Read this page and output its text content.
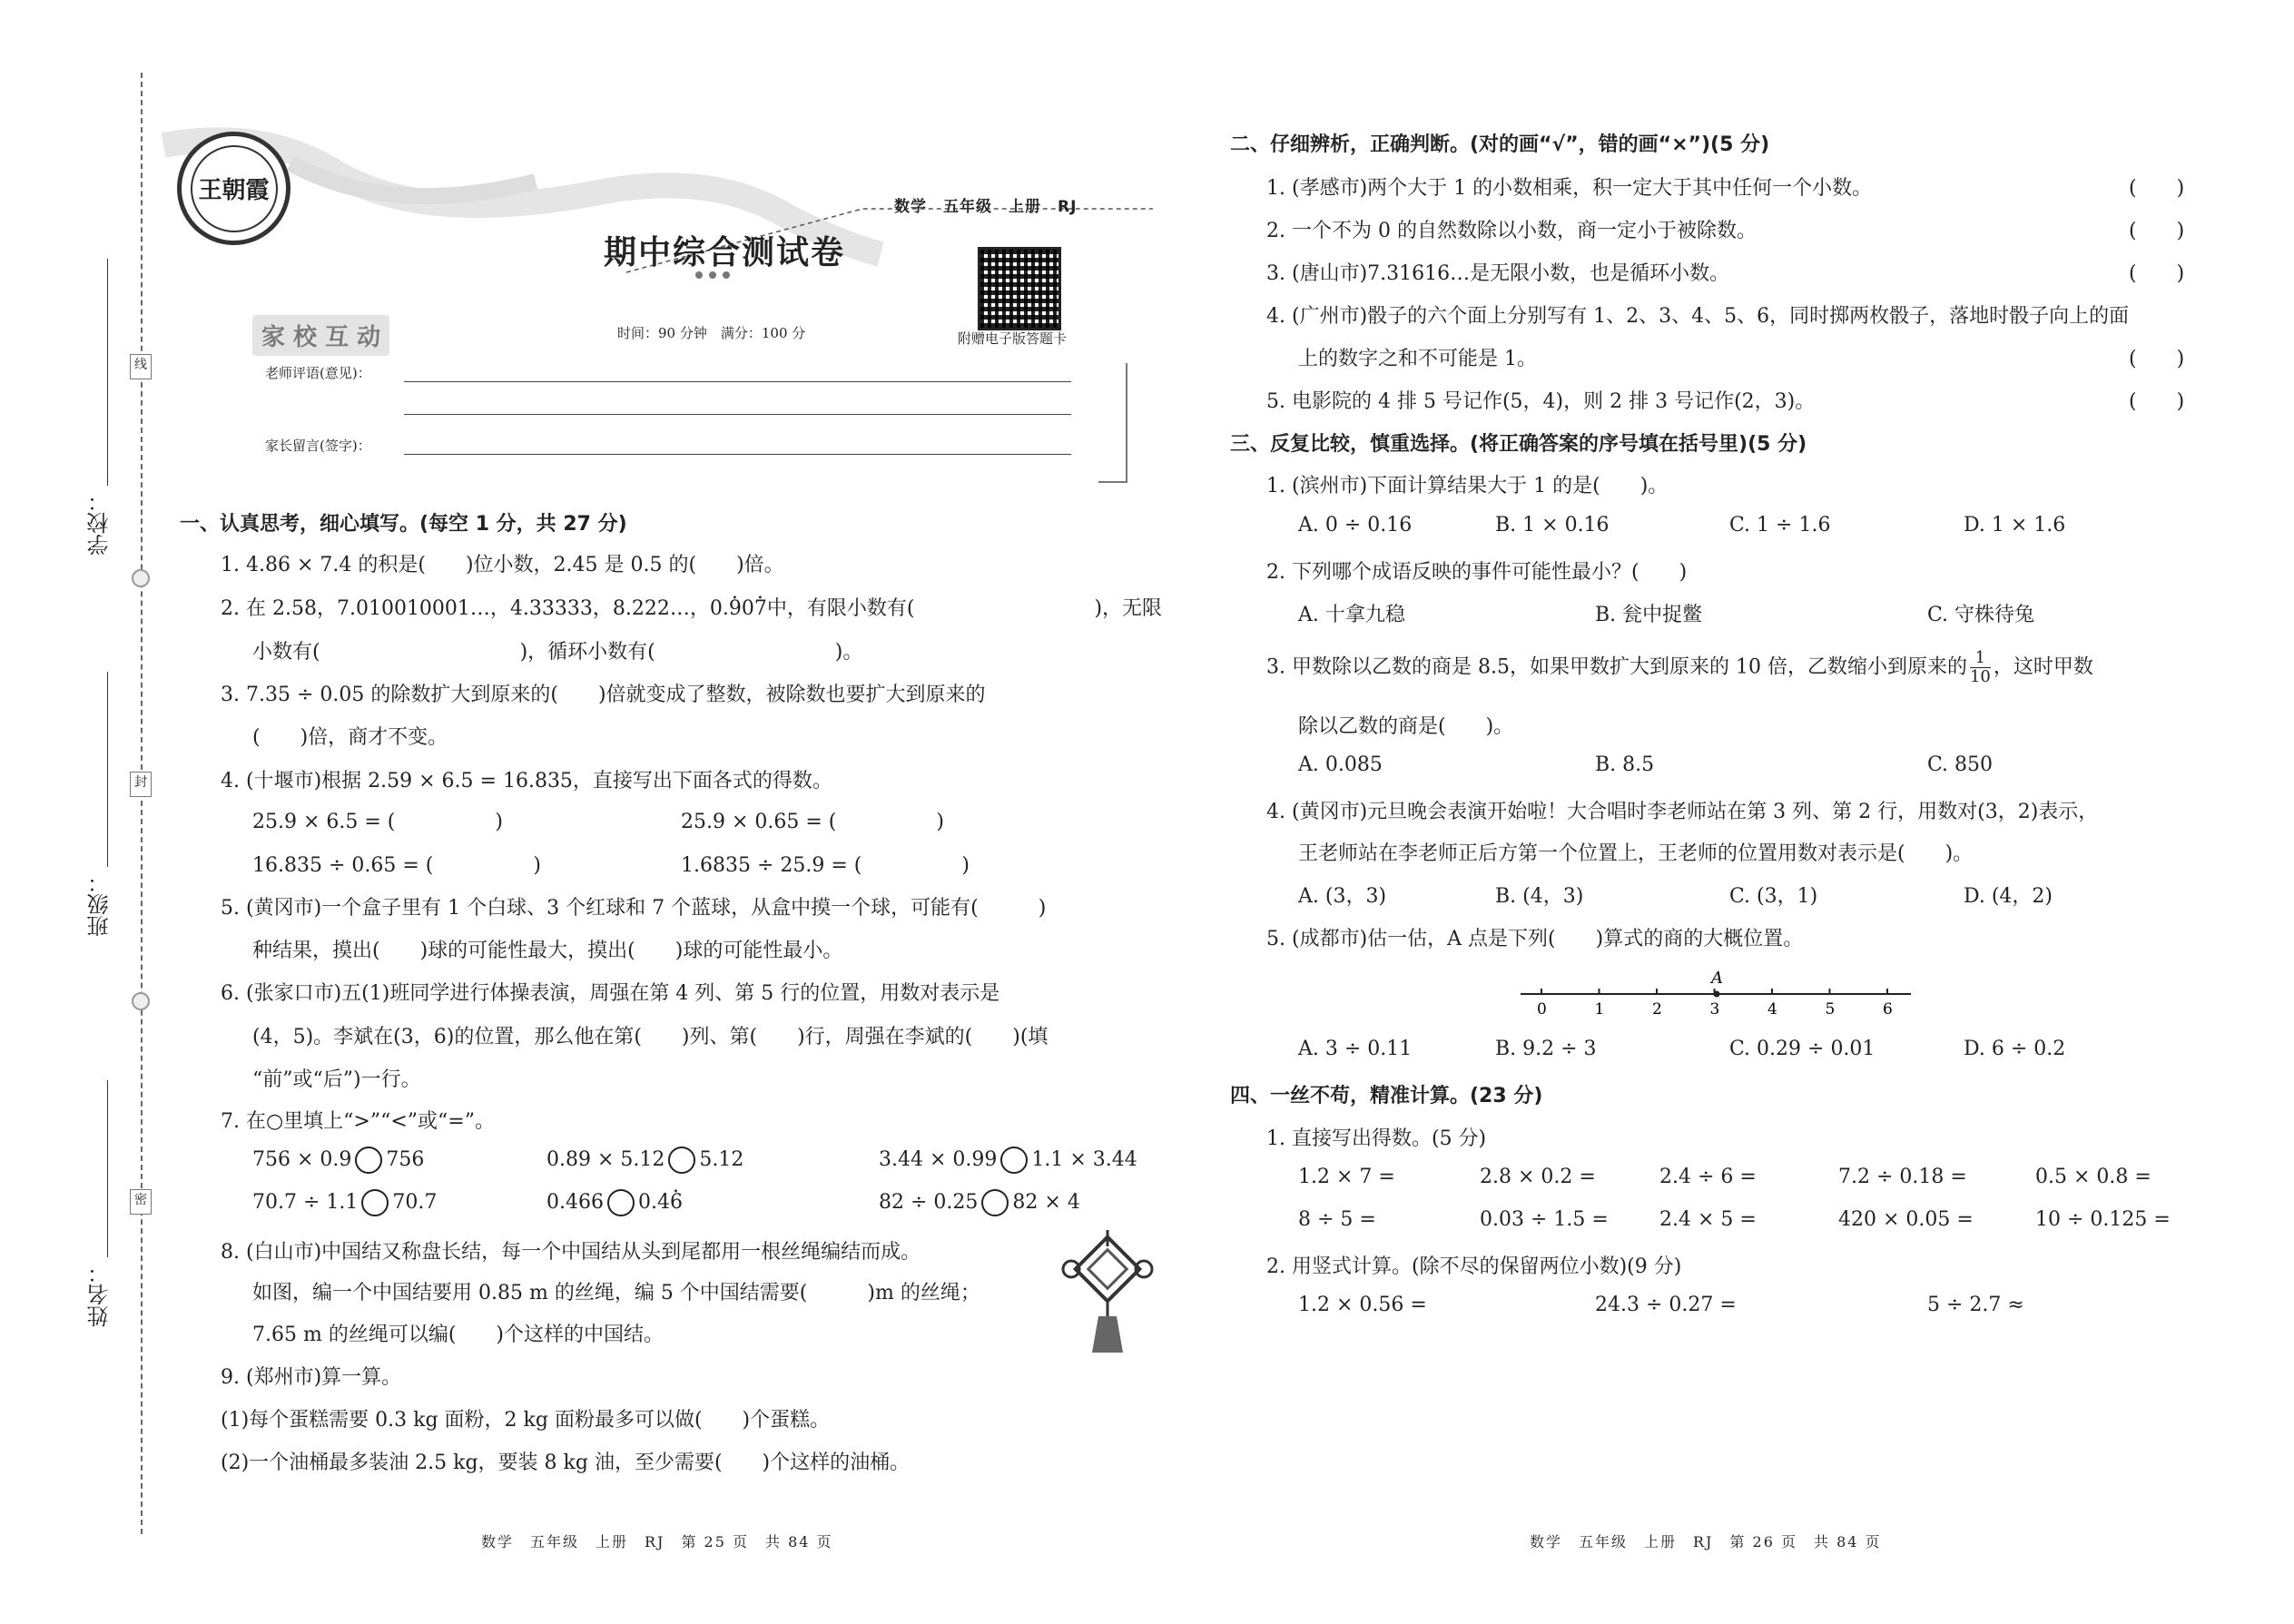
学校：
班级：
姓名：
线
封
密
王朝霞
数学　五年级　上册　RJ
期中综合测试卷
附赠电子版答题卡
家 校 互 动	时间：90 分钟　满分：100 分
老师评语(意见)：
家长留言(签字)：
一、认真思考，细心填写。(每空 1 分，共 27 分)
1. 4.86 × 7.4 的积是(　　)位小数，2.45 是 0.5 的(　　)倍。
2. 在 2.58，7.010010001…，4.33333，8.222…，0.. 90. 7中，有限小数有(　　　　　　　　　)，无限
小数有(　　　　　　　　　　)，循环小数有(　　　　　　　　　)。
3. 7.35 ÷ 0.05 的除数扩大到原来的(　　)倍就变成了整数，被除数也要扩大到原来的
(　　)倍，商才不变。
4. (十堰市)根据 2.59 × 6.5 = 16.835，直接写出下面各式的得数。
25.9 × 6.5 = (　　　　　)	25.9 × 0.65 = (　　　　　)
16.835 ÷ 0.65 = (　　　　　)	1.6835 ÷ 25.9 = (　　　　　)
5. (黄冈市)一个盒子里有 1 个白球、3 个红球和 7 个蓝球，从盒中摸一个球，可能有(　　　)
种结果，摸出(　　)球的可能性最大，摸出(　　)球的可能性最小。
6. (张家口市)五(1)班同学进行体操表演，周强在第 4 列、第 5 行的位置，用数对表示是
(4，5)。李斌在(3，6)的位置，那么他在第(　　)列、第(　　)行，周强在李斌的(　　)(填
“前”或“后”)一行。
7. 在○里填上“>”“<”或“=”。
756 × 0.9 756	0.89 × 5.12 5.12	3.44 × 0.99 1.1 × 3.44
70.7 ÷ 1.1 70.7	0.466 0.4. 6	82 ÷ 0.25 82 × 4
8. (白山市)中国结又称盘长结，每一个中国结从头到尾都用一根丝绳编结而成。
如图，编一个中国结要用 0.85 m 的丝绳，编 5 个中国结需要(　　　)m 的丝绳；
7.65 m 的丝绳可以编(　　)个这样的中国结。
9. (郑州市)算一算。
(1)每个蛋糕需要 0.3 kg 面粉，2 kg 面粉最多可以做(　　)个蛋糕。
(2)一个油桶最多装油 2.5 kg，要装 8 kg 油，至少需要(　　)个这样的油桶。
数学　五年级　上册　RJ　第 25 页　共 84 页
二、仔细辨析，正确判断。(对的画“√”，错的画“×”)(5 分)
1. (孝感市)两个大于 1 的小数相乘，积一定大于其中任何一个小数。	(　　)
2. 一个不为 0 的自然数除以小数，商一定小于被除数。	(　　)
3. (唐山市)7.31616…是无限小数，也是循环小数。	(　　)
4. (广州市)骰子的六个面上分别写有 1、2、3、4、5、6，同时掷两枚骰子，落地时骰子向上的面
上的数字之和不可能是 1。	(　　)
5. 电影院的 4 排 5 号记作(5，4)，则 2 排 3 号记作(2，3)。	(　　)
三、反复比较，慎重选择。(将正确答案的序号填在括号里)(5 分)
1. (滨州市)下面计算结果大于 1 的是(　　)。
A. 0 ÷ 0.16	B. 1 × 0.16	C. 1 ÷ 1.6	D. 1 × 1.6
2. 下列哪个成语反映的事件可能性最小？(　　)
A. 十拿九稳	B. 瓮中捉鳖	C. 守株待兔
3. 甲数除以乙数的商是 8.5，如果甲数扩大到原来的 10 倍，乙数缩小到原来的 $\frac{1}{10}$ ，这时甲数
除以乙数的商是(　　)。
A. 0.085	B. 8.5	C. 850
4. (黄冈市)元旦晚会表演开始啦！大合唱时李老师站在第 3 列、第 2 行，用数对(3，2)表示，
王老师站在李老师正后方第一个位置上，王老师的位置用数对表示是(　　)。
A. (3，3)	B. (4，3)	C. (3，1)	D. (4，2)
5. (成都市)估一估，A 点是下列(　　)算式的商的大概位置。
0	1	2	3	4	5	6
A
A. 3 ÷ 0.11	B. 9.2 ÷ 3	C. 0.29 ÷ 0.01	D. 6 ÷ 0.2
四、一丝不苟，精准计算。(23 分)
1. 直接写出得数。(5 分)
1.2 × 7 =	2.8 × 0.2 =	2.4 ÷ 6 =	7.2 ÷ 0.18 =	0.5 × 0.8 =
8 ÷ 5 =	0.03 ÷ 1.5 =	2.4 × 5 =	420 × 0.05 =	10 ÷ 0.125 =
2. 用竖式计算。(除不尽的保留两位小数)(9 分)
1.2 × 0.56 =	24.3 ÷ 0.27 =	5 ÷ 2.7 ≈
数学　五年级　上册　RJ　第 26 页　共 84 页
